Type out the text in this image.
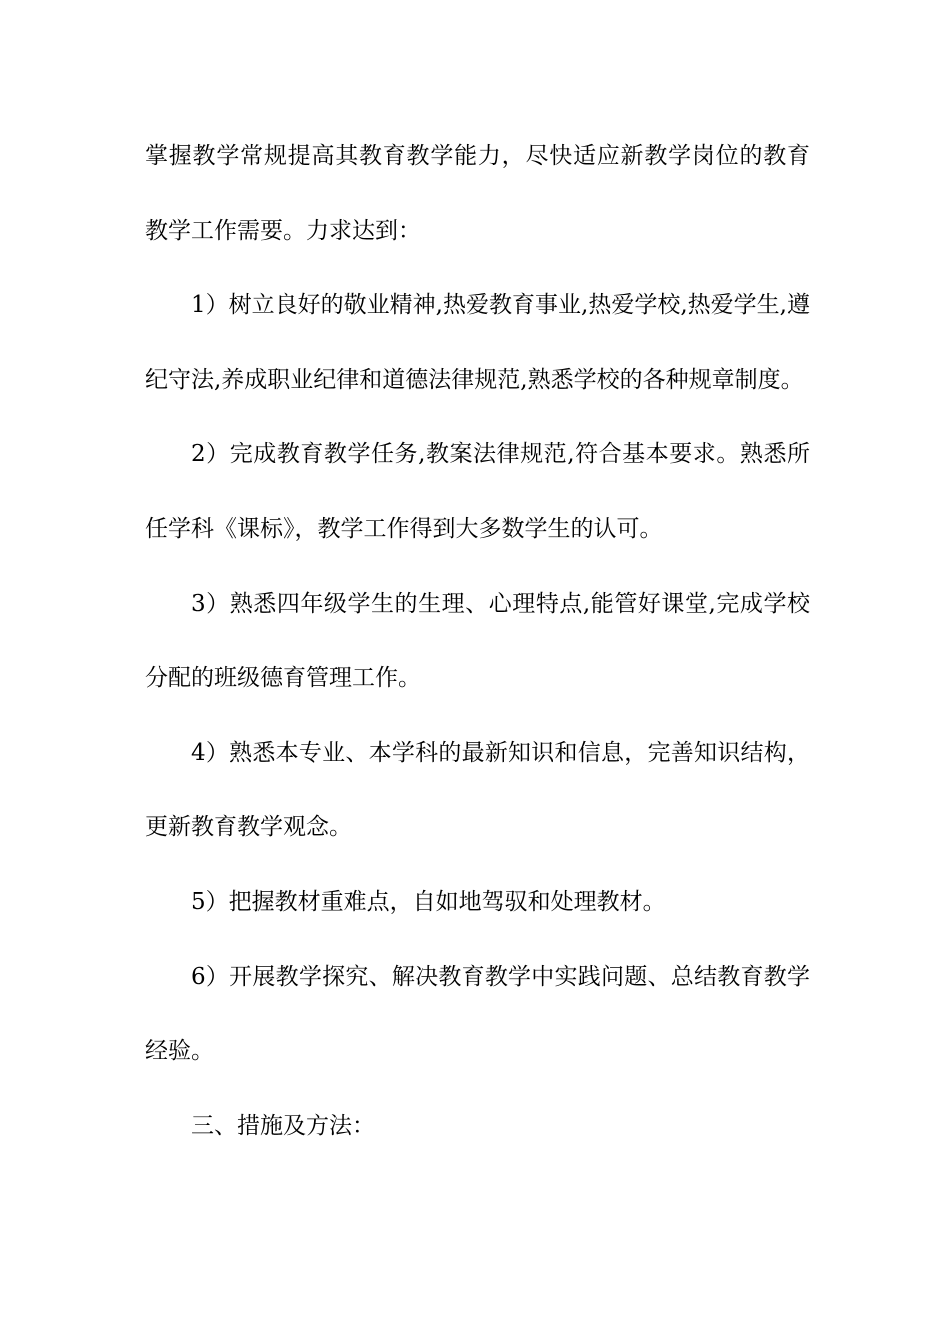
掌握教学常规提高其教育教学能力，尽快适应新教学岗位的教育教学工作需要。力求达到：

1）树立良好的敬业精神,热爱教育事业,热爱学校,热爱学生,遵纪守法,养成职业纪律和道德法律规范,熟悉学校的各种规章制度。

2）完成教育教学任务,教案法律规范,符合基本要求。熟悉所任学科《课标》，教学工作得到大多数学生的认可。

3）熟悉四年级学生的生理、心理特点,能管好课堂,完成学校分配的班级德育管理工作。

4）熟悉本专业、本学科的最新知识和信息，完善知识结构，更新教育教学观念。

5）把握教材重难点，自如地驾驭和处理教材。

6）开展教学探究、解决教育教学中实践问题、总结教育教学经验。

三、措施及方法：
